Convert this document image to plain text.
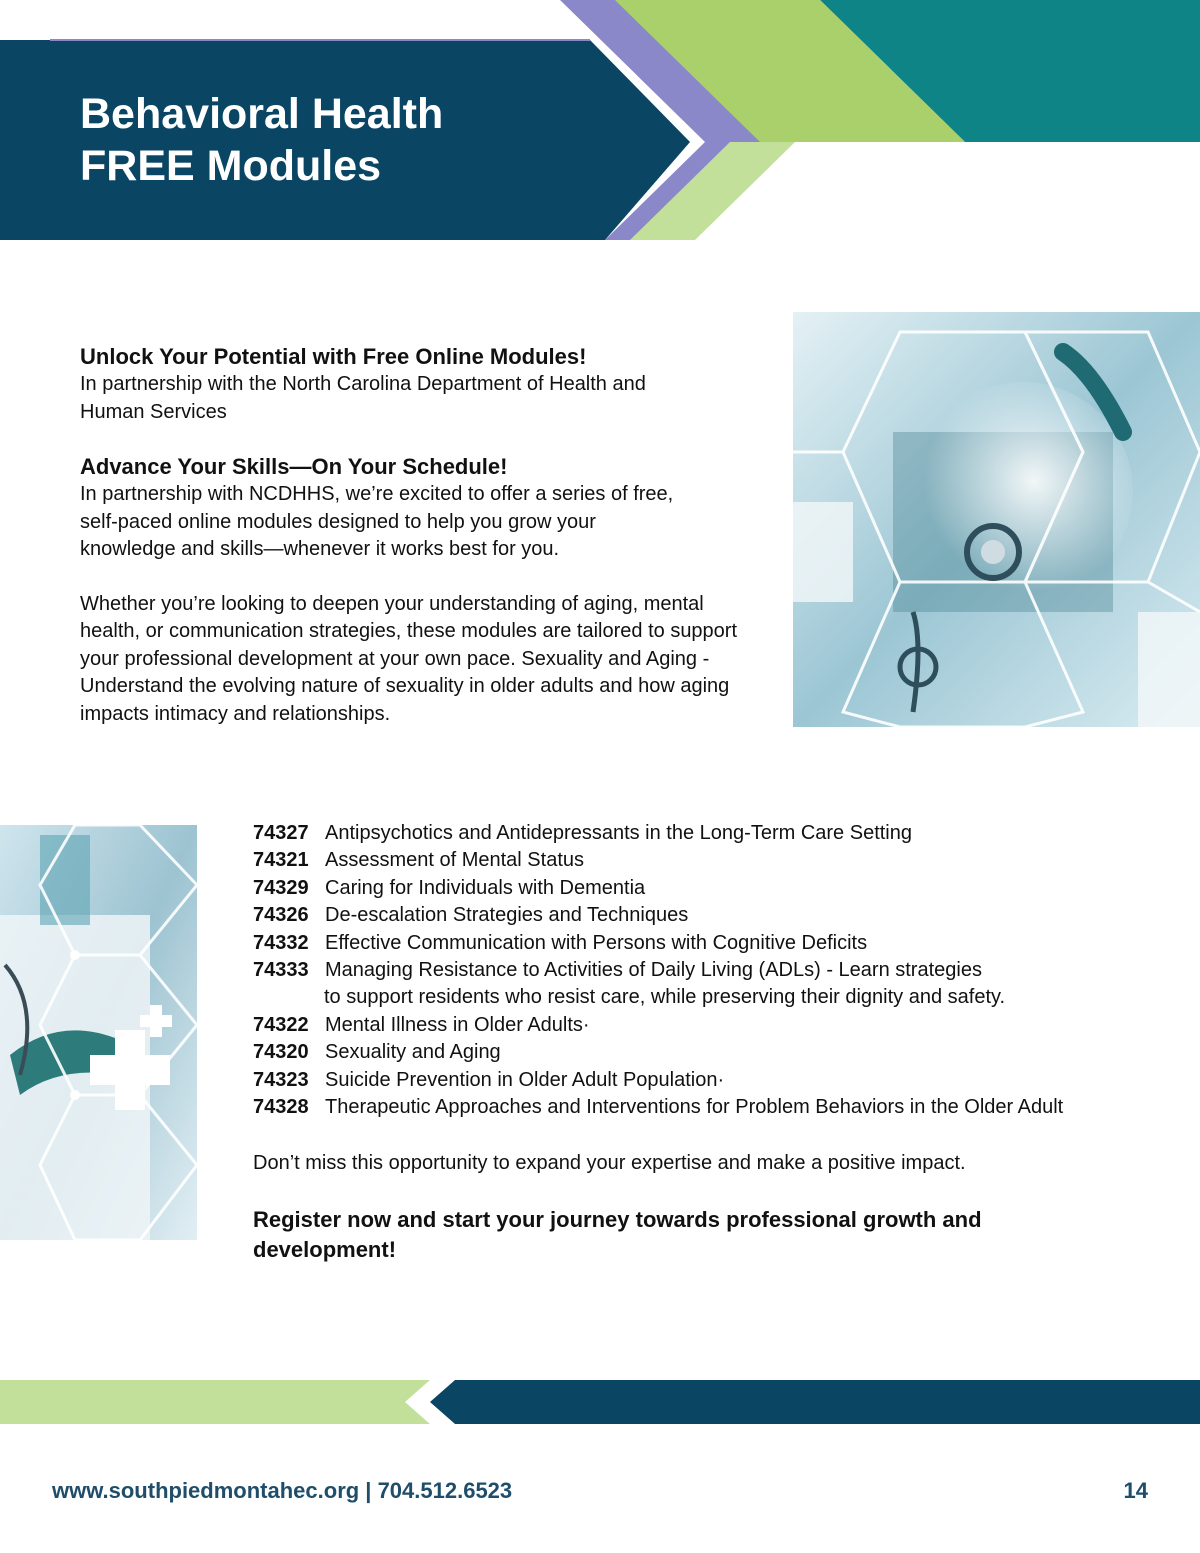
Behavioral Health
FREE Modules
Unlock Your Potential with Free Online Modules!

In partnership with the North Carolina Department of Health and Human Services

Advance Your Skills—On Your Schedule!

In partnership with NCDHHS, we’re excited to offer a series of free, self-paced online modules designed to help you grow your knowledge and skills—whenever it works best for you.

Whether you’re looking to deepen your understanding of aging, mental health, or communication strategies, these modules are tailored to support your professional development at your own pace. Sexuality and Aging - Understand the evolving nature of sexuality in older adults and how aging impacts intimacy and relationships.

74327 Antipsychotics and Antidepressants in the Long-Term Care Setting
74321 Assessment of Mental Status
74329 Caring for Individuals with Dementia
74326 De-escalation Strategies and Techniques
74332 Effective Communication with Persons with Cognitive Deficits
74333 Managing Resistance to Activities of Daily Living (ADLs) - Learn strategies
to support residents who resist care, while preserving their dignity and safety.
74322 Mental Illness in Older Adults·
74320 Sexuality and Aging
74323 Suicide Prevention in Older Adult Population·
74328 Therapeutic Approaches and Interventions for Problem Behaviors in the Older Adult
Don’t miss this opportunity to expand your expertise and make a positive impact.
Register now and start your journey towards professional growth and development!
www.southpiedmontahec.org | 704.512.6523	14
